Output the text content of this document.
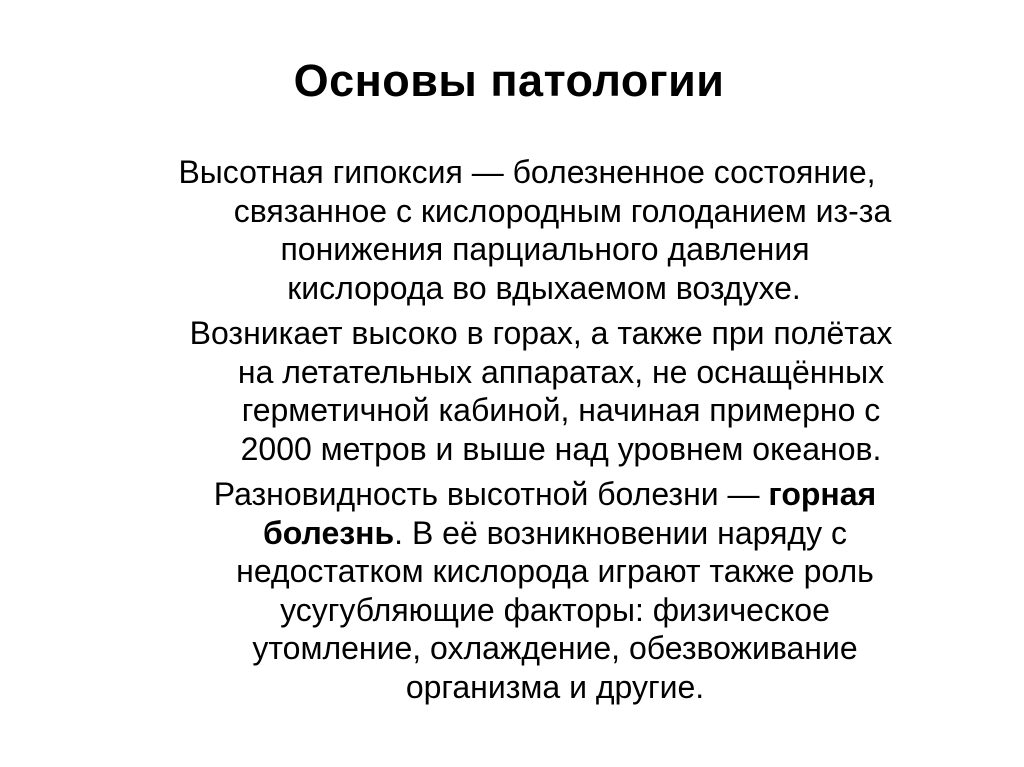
Основы патологии
Высотная гипоксия — болезненное состояние,
связанное с кислородным голоданием из-за
понижения парциального давления
кислорода во вдыхаемом воздухе.
Возникает высоко в горах, а также при полётах
на летательных аппаратах, не оснащённых
герметичной кабиной, начиная примерно с
2000 метров и выше над уровнем океанов.
Разновидность высотной болезни — горная
болезнь. В её возникновении наряду с
недостатком кислорода играют также роль
усугубляющие факторы: физическое
утомление, охлаждение, обезвоживание
организма и другие.
